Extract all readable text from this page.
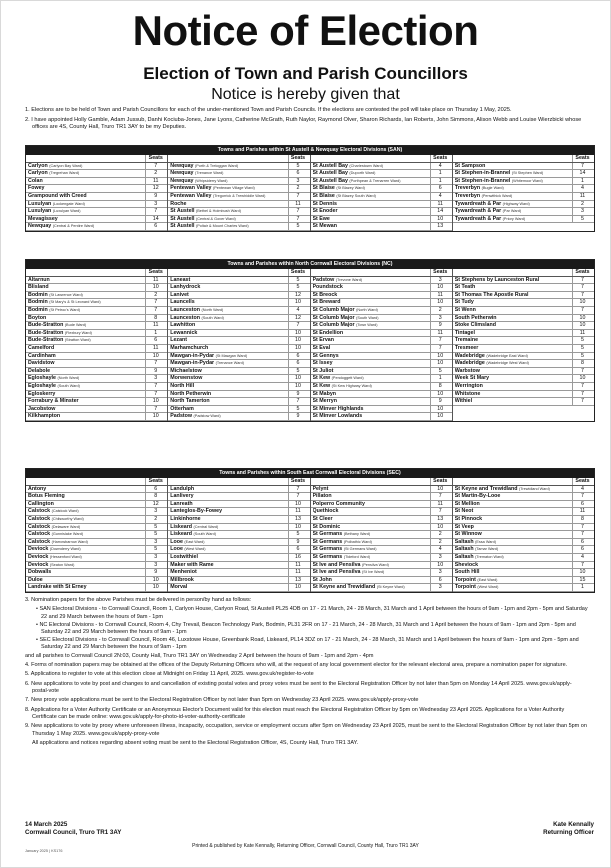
Notice of Election
Election of Town and Parish Councillors
Notice is hereby given that

1. Elections are to be held of Town and Parish Councillors for each of the under-mentioned Town and Parish Councils. If the elections are contested the poll will take place on Thursday 1 May, 2025.

2. I have appointed Holly Gamble, Adam Jussub, Danhi Kociuba-Jones, Jane Lyons, Catherine McGrath, Ruth Naylor, Raymond Olver, Sharon Richards, Ian Roberts, John Simmons, Alison Webb and Louise Wierzbicki whose offices are 4S, County Hall, Truro TR1 3AY to be my Deputies.

Towns and Parishes within St Austell & Newquay Electoral Divisions (SAN)
Seats
Carlyon (Carlyon Bay Ward)	7
Carlyon (Tregrehan Ward)	2
Colan	11
Fowey	12
Grampound with Creed	9
Luxulyan (Lockengate Ward)	3
Luxulyan (Luxulyan Ward)	7
Mevagissey	14
Newquay (Central & Pentire Ward)	6
Seats
Newquay (Porth & Treloggan Ward)	5
Newquay (Trenance Ward)	6
Newquay (Whipsiderry Ward)	3
Pentewan Valley (Pentewan Village Ward)	2
Pentewan Valley (Tregorrick & Trewhiddle Ward)	7
Roche	11
St Austell (Bethel & Holmbush Ward)	7
St Austell (Central & Gover Ward)	7
St Austell (Poltair & Mount Charles Ward)	5
Seats
St Austell Bay (Charlestown Ward)	4
St Austell Bay (Duporth Ward)	1
St Austell Bay (Porthpean & Trenarren Ward)	1
St Blaise (St Blazey Ward)	6
St Blaise (St Blazey South Ward)	4
St Dennis	11
St Enoder	14
St Ewe	10
St Mewan	13
Seats
St Sampson	7
St Stephen-in-Brannel (St Stephen Ward)	14
St Stephen-in-Brannel (Whitemoor Ward)	1
Treverbyn (Bugle Ward)	4
Treverbyn (Penwithick Ward)	11
Tywardreath & Par (Highway Ward)	2
Tywardreath & Par (Par Ward)	3
Tywardreath & Par (Priory Ward)	5
Towns and Parishes within North Cornwall Electoral Divisions (NC)
Seats
Altarnun	11
Blisland	10
Bodmin (St Lawrence Ward)	2
Bodmin (St Mary's & St Leonard Ward)	7
Bodmin (St Petroc's Ward)	7
Boyton	8
Bude-Stratton (Bude Ward)	11
Bude-Stratton (Flexbury Ward)	1
Bude-Stratton (Stratton Ward)	6
Camelford	11
Cardinham	10
Davidstow	7
Delabole	9
Egloshayle (North Ward)	3
Egloshayle (South Ward)	7
Egloskerry	7
Forrabury & Minster	10
Jacobstow	7
Kilkhampton	10
Seats
Laneast	5
Lanhydrock	5
Lanivet	12
Launcells	10
Launceston (North Ward)	4
Launceston (South Ward)	12
Lawhitton	7
Lewannick	10
Lezant	10
Marhamchurch	10
Mawgan-in-Pydar (St Mawgan Ward)	6
Mawgan-in-Pydar (Trenance Ward)	6
Michaelstow	5
Morwenstow	10
North Hill	10
North Petherwin	9
North Tamerton	7
Otterham	5
Padstow (Padstow Ward)	9
Seats
Padstow (Trevone Ward)	3
Poundstock	10
St Breock	11
St Breward	10
St Columb Major (North Ward)	2
St Columb Major (South Ward)	3
St Columb Major (Town Ward)	9
St Endellion	11
St Ervan	7
St Eval	7
St Gennys	10
St Issey	10
St Juliot	5
St Kew (Pendoggett Ward)	1
St Kew (St Kew Highway Ward)	8
St Mabyn	10
St Merryn	9
St Minver Highlands	10
St Minver Lowlands	10
Seats
St Stephens by Launceston Rural	7
St Teath	7
St Thomas The Apostle Rural	7
St Tudy	10
St Wenn	7
South Petherwin	10
Stoke Climsland	10
Tintagel	11
Tremaine	5
Tresmeer	5
Wadebridge (Wadebridge East Ward)	5
Wadebridge (Wadebridge West Ward)	8
Warbstow	7
Week St Mary	10
Werrington	7
Whitstone	7
Withiel	7
Towns and Parishes within South East Cornwall Electoral Divisions (SEC)
Seats
Antony	6
Botus Fleming	8
Callington	12
Calstock (Calstock Ward)	3
Calstock (Chilsworthy Ward)	2
Calstock (Delaware Ward)	5
Calstock (Gunnislake Ward)	5
Calstock (Harrowbarrow Ward)	3
Deviock (Downderry Ward)	5
Deviock (Hessenford Ward)	3
Deviock (Seaton Ward)	3
Dobwalls	9
Duloe	10
Landrake with St Erney	10
Seats
Landulph	7
Lanlivery	7
Lanreath	10
Lanteglos-By-Fowey	11
Linkinhorne	13
Liskeard (Central Ward)	10
Liskeard (South Ward)	5
Looe (East Ward)	9
Looe (West Ward)	6
Lostwithiel	16
Maker with Rame	11
Menheniot	11
Millbrook	13
Morval	10
Seats
Pelynt	10
Pillaton	7
Polperro Community	11
Quethiock	7
St Cleer	13
St Dominic	10
St Germans (Bethany Ward)	2
St Germans (Polbathic Ward)	2
St Germans (St Germans Ward)	4
St Germans (Tideford Ward)	3
St Ive and Pensilva (Pensilva Ward)	10
St Ive and Pensilva (St Ive Ward)	3
St John	6
St Keyne and Trewidland (St Keyne Ward)	3
Seats
St Keyne and Trewidland (Trewidland Ward)	4
St Martin-By-Looe	7
St Mellion	6
St Neot	11
St Pinnock	8
St Veep	7
St Winnow	7
Saltash (Essa Ward)	6
Saltash (Tamar Ward)	6
Saltash (Trematon Ward)	4
Sheviock	7
South Hill	10
Torpoint (East Ward)	15
Torpoint (West Ward)	1
3. Nomination papers for the above Parishes must be delivered in person/by hand as follows:
• SAN Electoral Divisions - to Cornwall Council, Room 1, Carlyon House, Carlyon Road, St Austell PL25 4DB on 17 - 21 March, 24 - 28 March, 31 March and 1 April between the hours of 9am - 1pm and 2pm - 5pm and Saturday 22 and 29 March between the hours of 9am - 1pm
• NC Electoral Divisions - to Cornwall Council, Room 4, Chy Trevail, Beacon Technology Park, Bodmin, PL31 2FR on 17 - 21 March, 24 - 28 March, 31 March and 1 April between the hours of 9am - 1pm and 2pm - 5pm and Saturday 22 and 29 March between the hours of 9am - 1pm
• SEC Electoral Divisions - to Cornwall Council, Room 46, Luxstowe House, Greenbank Road, Liskeard, PL14 3DZ on 17 - 21 March, 24 - 28 March, 31 March and 1 April between the hours of 9am - 1pm and 2pm - 5pm and Saturday 22 and 29 March between the hours of 9am - 1pm
and all parishes to Cornwall Council 2N:03, County Hall, Truro TR1 3AY on Wednesday 2 April between the hours of 9am - 1pm and 2pm - 4pm
4. Forms of nomination papers may be obtained at the offices of the Deputy Returning Officers who will, at the request of any local government elector for the relevant electoral area, prepare a nomination paper for signature.
5. Applications to register to vote at this election close at Midnight on Friday 11 April, 2025. www.gov.uk/register-to-vote
6. New applications to vote by post and changes to and cancellation of existing postal votes and proxy votes must be sent to the Electoral Registration Officer by not later than 5pm on Monday 14 April 2025. www.gov.uk/apply-postal-vote
7. New proxy vote applications must be sent to the Electoral Registration Officer by not later than 5pm on Wednesday 23 April 2025. www.gov.uk/apply-proxy-vote
8. Applications for a Voter Authority Certificate or an Anonymous Elector's Document valid for this election must reach the Electoral Registration Officer by 5pm on Wednesday 23 April 2025. Applications for a Voter Authority Certificate can be made online: www.gov.uk/apply-for-photo-id-voter-authority-certificate
9. New applications to vote by proxy where unforeseen illness, incapacity, occupation, service or employment occurs after 5pm on Wednesday 23 April 2025, must be sent to the Electoral Registration Officer by not later than 5pm on Thursday 1 May 2025. www.gov.uk/apply-proxy-vote
All applications and notices regarding absent voting must be sent to the Electoral Registration Officer, 4S, County Hall, Truro TR1 3AY.
14 March 2025
Cornwall Council, Truro TR1 3AY
Kate Kennally
Returning Officer
Printed & published by Kate Kennally, Returning Officer, Cornwall Council, County Hall, Truro TR1 3AY
January 2025 | KS176
